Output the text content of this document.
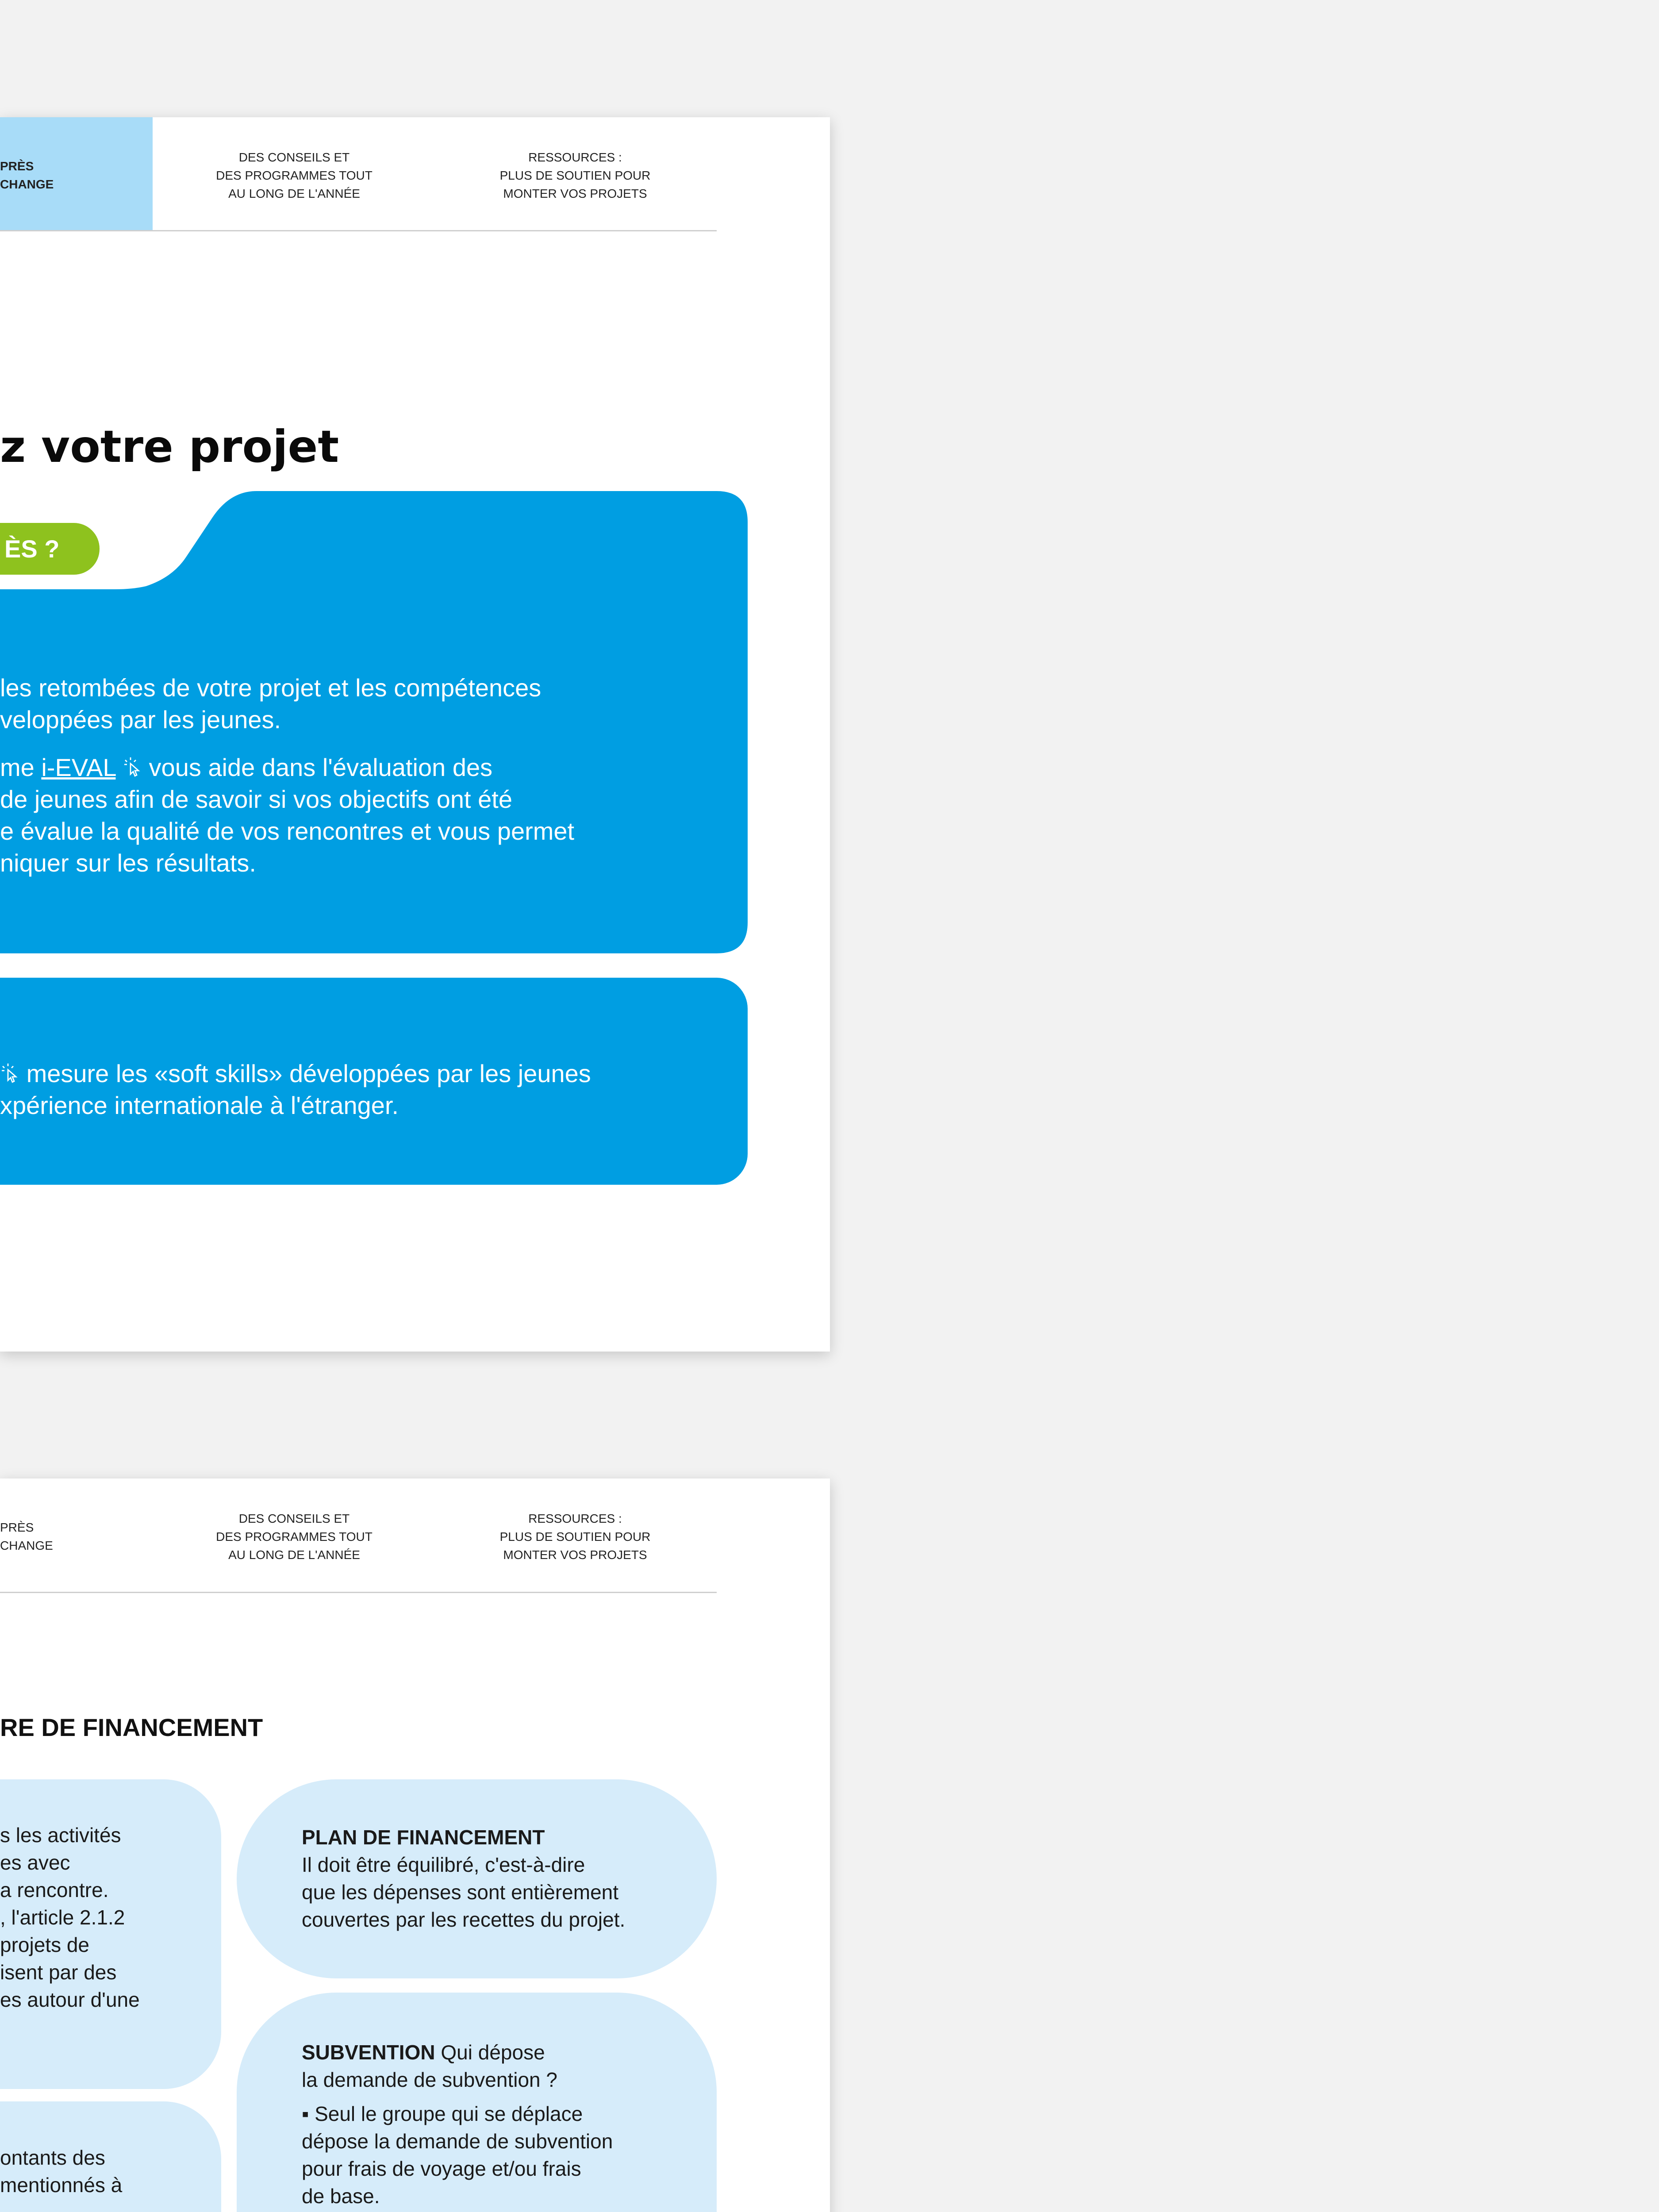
PRÈS
CHANGE
DES CONSEILS ET
DES PROGRAMMES TOUT
AU LONG DE L'ANNÉE
RESSOURCES :
PLUS DE SOUTIEN POUR
MONTER VOS PROJETS
z votre projet
ÈS ?
les retombées de votre projet et les compétences
veloppées par les jeunes.
me i-EVAL  vous aide dans l'évaluation des
de jeunes afin de savoir si vos objectifs ont été
e évalue la qualité de vos rencontres et vous permet
niquer sur les résultats.
mesure les «soft skills» développées par les jeunes
xpérience internationale à l'étranger.
PRÈS
CHANGE
DES CONSEILS ET
DES PROGRAMMES TOUT
AU LONG DE L'ANNÉE
RESSOURCES :
PLUS DE SOUTIEN POUR
MONTER VOS PROJETS
RE DE FINANCEMENT
s les activités
es avec
a rencontre.
, l'article 2.1.2
projets de
isent par des
es autour d'une
ontants des
mentionnés à
PLAN DE FINANCEMENT
Il doit être équilibré, c'est-à-dire
que les dépenses sont entièrement
couvertes par les recettes du projet.
SUBVENTION Qui dépose
la demande de subvention ?
▪ Seul le groupe qui se déplace
dépose la demande de subvention
pour frais de voyage et/ou frais
de base.
